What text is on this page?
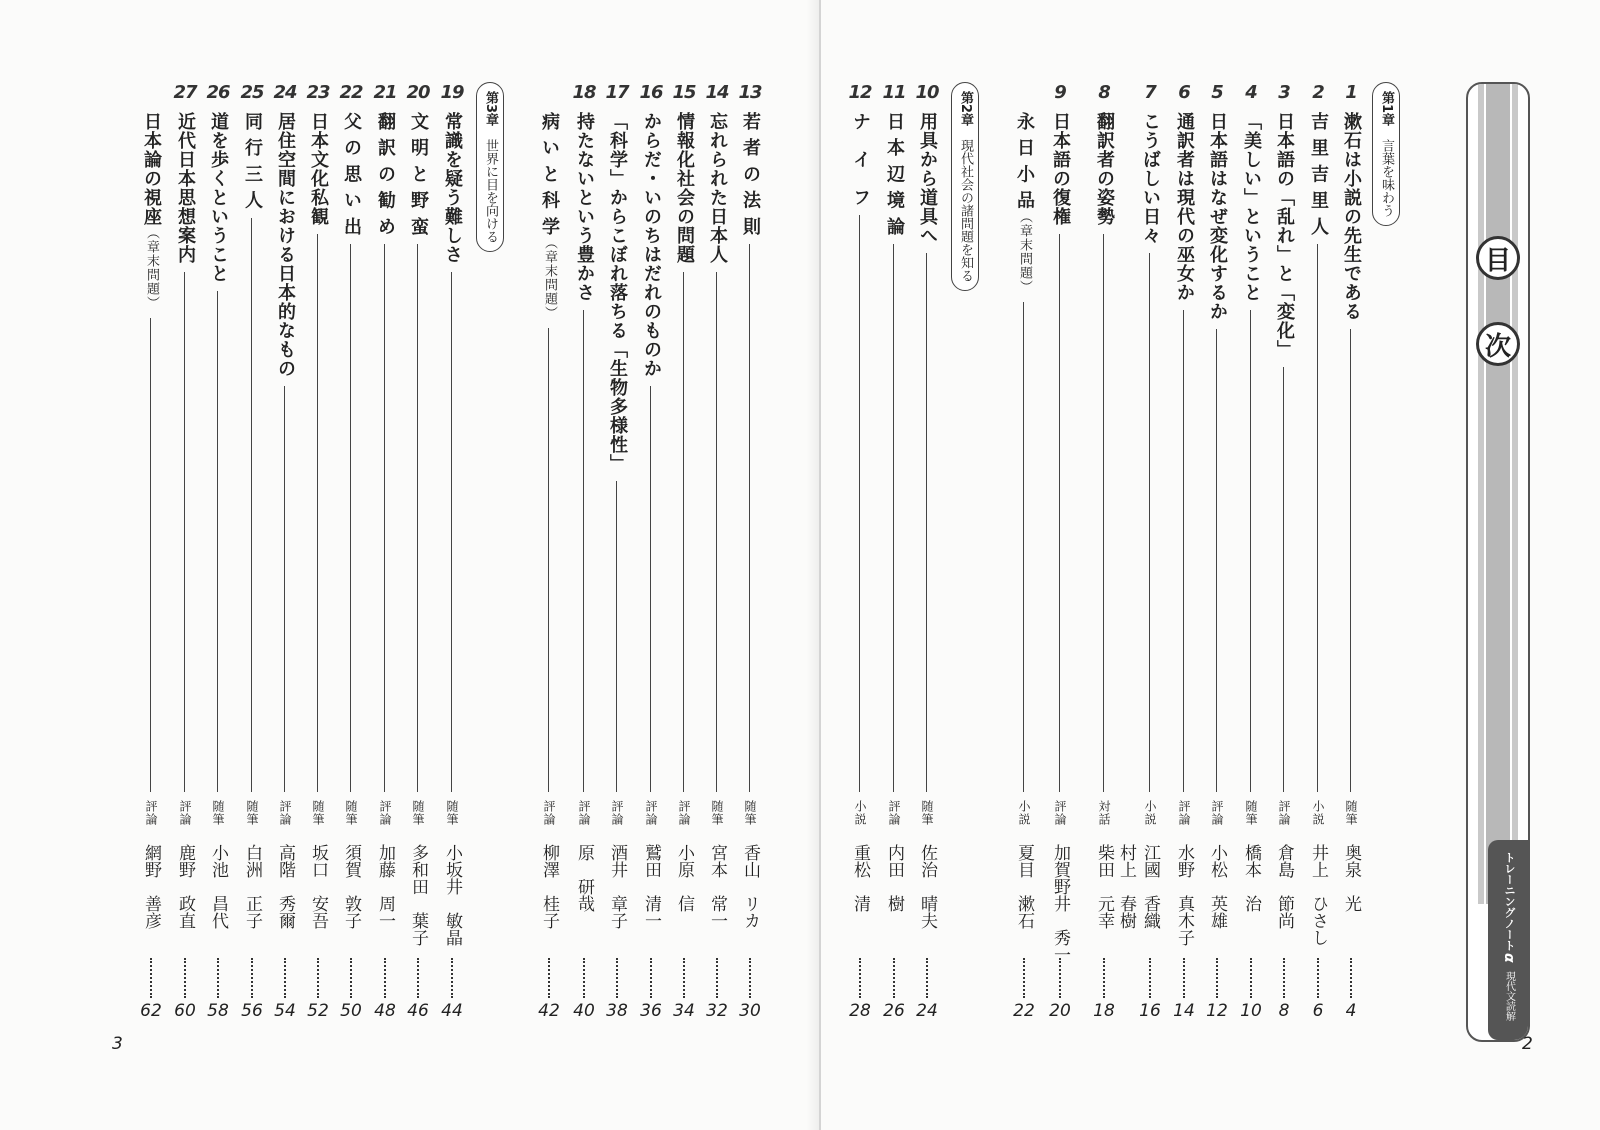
目
次
トレーニングノート
α
現代文読解
第1章　言葉を味わう
第2章　現代社会の諸問題を知る
第3章　世界に目を向ける
1
漱石は小説の先生である
随筆
奥泉　光
4
2
吉 里 吉 里 人
小説
井上　ひさし
6
3
日本語の「乱れ」と「変化」
評論
倉島　節尚
8
4
「美しい」ということ
随筆
橋本　治
10
5
日本語はなぜ変化するか
評論
小松　英雄
12
6
通訳者は現代の巫女か
評論
水野　真木子
14
7
こうばしい日々
小説
江國　香織
16
8
翻訳者の姿勢
対話
村上　春樹
柴田　元幸
18
9
日本語の復権
評論
加賀野井　秀一
20
永 日 小 品（章末問題）
小説
夏目　漱石
22
10
用具から道具へ
随筆
佐治　晴夫
24
11
日 本 辺 境 論
評論
内田　樹
26
12
ナ　イ　フ
小説
重松　清
28
13
若 者 の 法 則
随筆
香山　リカ
30
14
忘れられた日本人
随筆
宮本　常一
32
15
情報化社会の問題
評論
小原　信
34
16
からだ・いのちはだれのものか
評論
鷲田　清一
36
17
「科学」からこぼれ落ちる「生物多様性」
評論
酒井　章子
38
18
持たないという豊かさ
評論
原　研哉
40
病 い と 科 学（章末問題）
評論
柳澤　桂子
42
19
常識を疑う難しさ
随筆
小坂井　敏晶
44
20
文 明 と 野 蛮
随筆
多和田　葉子
46
21
翻 訳 の 勧 め
評論
加藤　周一
48
22
父 の 思 い 出
随筆
須賀　敦子
50
23
日本文化私観
随筆
坂口　安吾
52
24
居住空間における日本的なもの
評論
高階　秀爾
54
25
同 行 三 人
随筆
白洲　正子
56
26
道を歩くということ
随筆
小池　昌代
58
27
近代日本思想案内
評論
鹿野　政直
60
日本論の視座（章末問題）
評論
網野　善彦
62
2
3
